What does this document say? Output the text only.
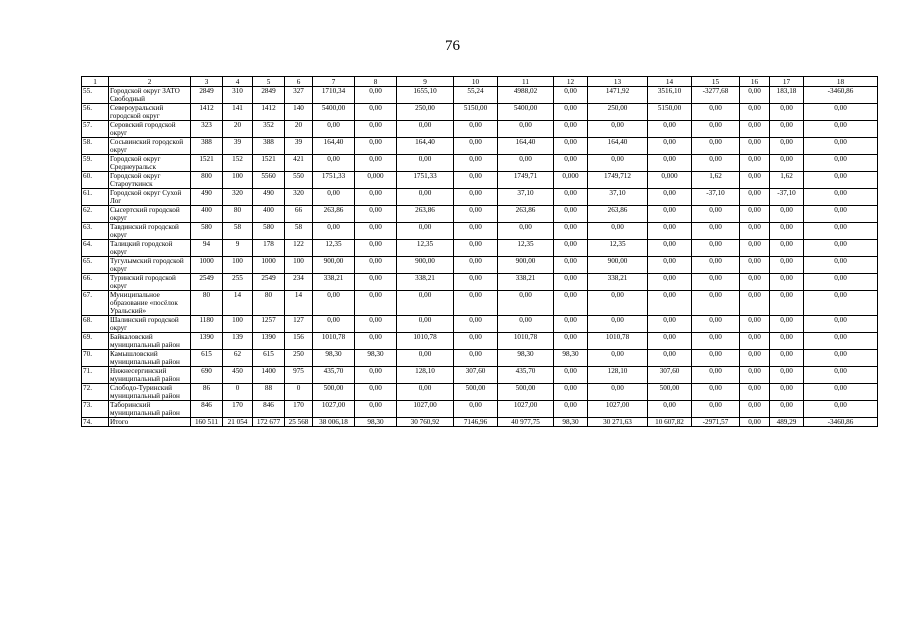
76
1	2	3	4	5	6	7	8	9	10	11	12	13	14	15	16	17	18
55.	Городской округ ЗАТО Свободный	2849	310	2849	327	1710,34	0,00	1655,10	55,24	4988,02	0,00	1471,92	3516,10	-3277,68	0,00	183,18	-3460,86
56.	Североуральский городской округ	1412	141	1412	140	5400,00	0,00	250,00	5150,00	5400,00	0,00	250,00	5150,00	0,00	0,00	0,00	0,00
57.	Серовский городской округ	323	20	352	20	0,00	0,00	0,00	0,00	0,00	0,00	0,00	0,00	0,00	0,00	0,00	0,00
58.	Сосьвинский городской округ	388	39	388	39	164,40	0,00	164,40	0,00	164,40	0,00	164,40	0,00	0,00	0,00	0,00	0,00
59.	Городской округ Среднеуральск	1521	152	1521	421	0,00	0,00	0,00	0,00	0,00	0,00	0,00	0,00	0,00	0,00	0,00	0,00
60.	Городской округ Староуткинск	800	100	5560	550	1751,33	0,000	1751,33	0,00	1749,71	0,000	1749,712	0,000	1,62	0,00	1,62	0,00
61.	Городской округ Сухой Лог	490	320	490	320	0,00	0,00	0,00	0,00	37,10	0,00	37,10	0,00	-37,10	0,00	-37,10	0,00
62.	Сысертский городской округ	400	80	400	66	263,86	0,00	263,86	0,00	263,86	0,00	263,86	0,00	0,00	0,00	0,00	0,00
63.	Тавдинский городской округ	580	58	580	58	0,00	0,00	0,00	0,00	0,00	0,00	0,00	0,00	0,00	0,00	0,00	0,00
64.	Талицкий городской округ	94	9	178	122	12,35	0,00	12,35	0,00	12,35	0,00	12,35	0,00	0,00	0,00	0,00	0,00
65.	Тугулымский городской округ	1000	100	1000	100	900,00	0,00	900,00	0,00	900,00	0,00	900,00	0,00	0,00	0,00	0,00	0,00
66.	Туринский городской округ	2549	255	2549	234	338,21	0,00	338,21	0,00	338,21	0,00	338,21	0,00	0,00	0,00	0,00	0,00
67.	Муниципальное образование «посёлок Уральский»	80	14	80	14	0,00	0,00	0,00	0,00	0,00	0,00	0,00	0,00	0,00	0,00	0,00	0,00
68.	Шалинский городской округ	1180	100	1257	127	0,00	0,00	0,00	0,00	0,00	0,00	0,00	0,00	0,00	0,00	0,00	0,00
69.	Байкаловский муниципальный район	1390	139	1390	156	1010,78	0,00	1010,78	0,00	1010,78	0,00	1010,78	0,00	0,00	0,00	0,00	0,00
70.	Камышловский муниципальный район	615	62	615	250	98,30	98,30	0,00	0,00	98,30	98,30	0,00	0,00	0,00	0,00	0,00	0,00
71.	Нижнесергинский муниципальный район	690	450	1400	975	435,70	0,00	128,10	307,60	435,70	0,00	128,10	307,60	0,00	0,00	0,00	0,00
72.	Слободо-Туринский муниципальный район	86	0	88	0	500,00	0,00	0,00	500,00	500,00	0,00	0,00	500,00	0,00	0,00	0,00	0,00
73.	Таборинский муниципальный район	846	170	846	170	1027,00	0,00	1027,00	0,00	1027,00	0,00	1027,00	0,00	0,00	0,00	0,00	0,00
74.	Итого	160 511	21 054	172 677	25 568	38 006,18	98,30	30 760,92	7146,96	40 977,75	98,30	30 271,63	10 607,82	-2971,57	0,00	489,29	-3460,86
